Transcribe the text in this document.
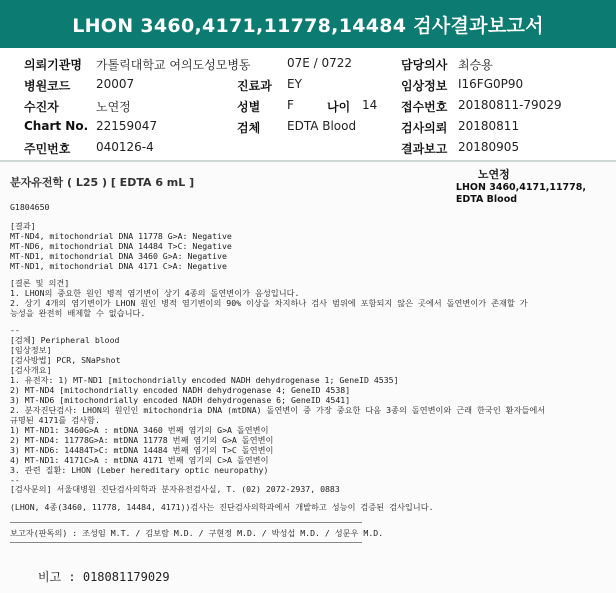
LHON 3460,4171,11778,14484 검사결과보고서
의뢰기관명 가톨릭대학교 여의도성모병동	07E / 0722	담당의사 최승용
병원코드 20007	진료과 EY	임상정보 I16FG0P90
수진자	노연정	성별 F	나이 14 접수번호 20180811-79029
Chart No. 22159047	검체 EDTA Blood	검사의뢰 20180811
주민번호 040126-4	결과보고 20180905
분자유전학 ( L25 ) [ EDTA 6 mL ]
노연정
LHON 3460,4171,11778,
EDTA Blood
G1804650
[결과]
MT-ND4, mitochondrial DNA 11778 G>A: Negative
MT-ND6, mitochondrial DNA 14484 T>C: Negative
MT-ND1, mitochondrial DNA 3460 G>A: Negative
MT-ND1, mitochondrial DNA 4171 C>A: Negative
[결론 및 의견]
1. LHON의 중요한 원인 병적 염기변이 상기 4종의 돌연변이가 음성입니다.
2. 상기 4개의 염기변이가 LHON 원인 병적 염기변이의 90% 이상을 차지하나 검사 범위에 포함되지 않은 곳에서 돌연변이가 존재할 가
능성을 완전히 배제할 수 없습니다.
--
[검체] Peripheral blood
[임상정보]
[검사방법] PCR, SNaPshot
[검사개요]
1. 유전자: 1) MT-ND1 [mitochondrially encoded NADH dehydrogenase 1; GeneID 4535]
2) MT-ND4 [mitochondrially encoded NADH dehydrogenase 4; GeneID 4538]
3) MT-ND6 [mitochondrially encoded NADH dehydrogenase 6; GeneID 4541]
2. 분자진단검사: LHON의 원인인 mitochondria DNA (mtDNA) 돌연변이 중 가장 중요한 다음 3종의 돌연변이와 근래 한국인 환자들에서
규명된 4171를 검사함.
1) MT-ND1: 3460G>A : mtDNA 3460 번째 염기의 G>A 돌연변이
2) MT-ND4: 11778G>A: mtDNA 11778 번째 염기의 G>A 돌연변이
3) MT-ND6: 14484T>C: mtDNA 14484 번째 염기의 T>C 돌연변이
4) MT-ND1: 4171C>A : mtDNA 4171 번째 염기의 C>A 돌연변이
3. 관련 질환: LHON (Leber hereditary optic neuropathy)
--
[검사문의] 서울대병원 진단검사의학과 분자유전검사실, T. (02) 2072-2937, 0883
(LHON, 4종(3460, 11778, 14484, 4171))검사는 진단검사의학과에서 개발하고 성능이 검증된 검사입니다.
보고자(판독의) : 조성임 M.T. / 김보람 M.D. / 구현정 M.D. / 박성섭 M.D. / 성문우 M.D.
비고 : 018081179029
